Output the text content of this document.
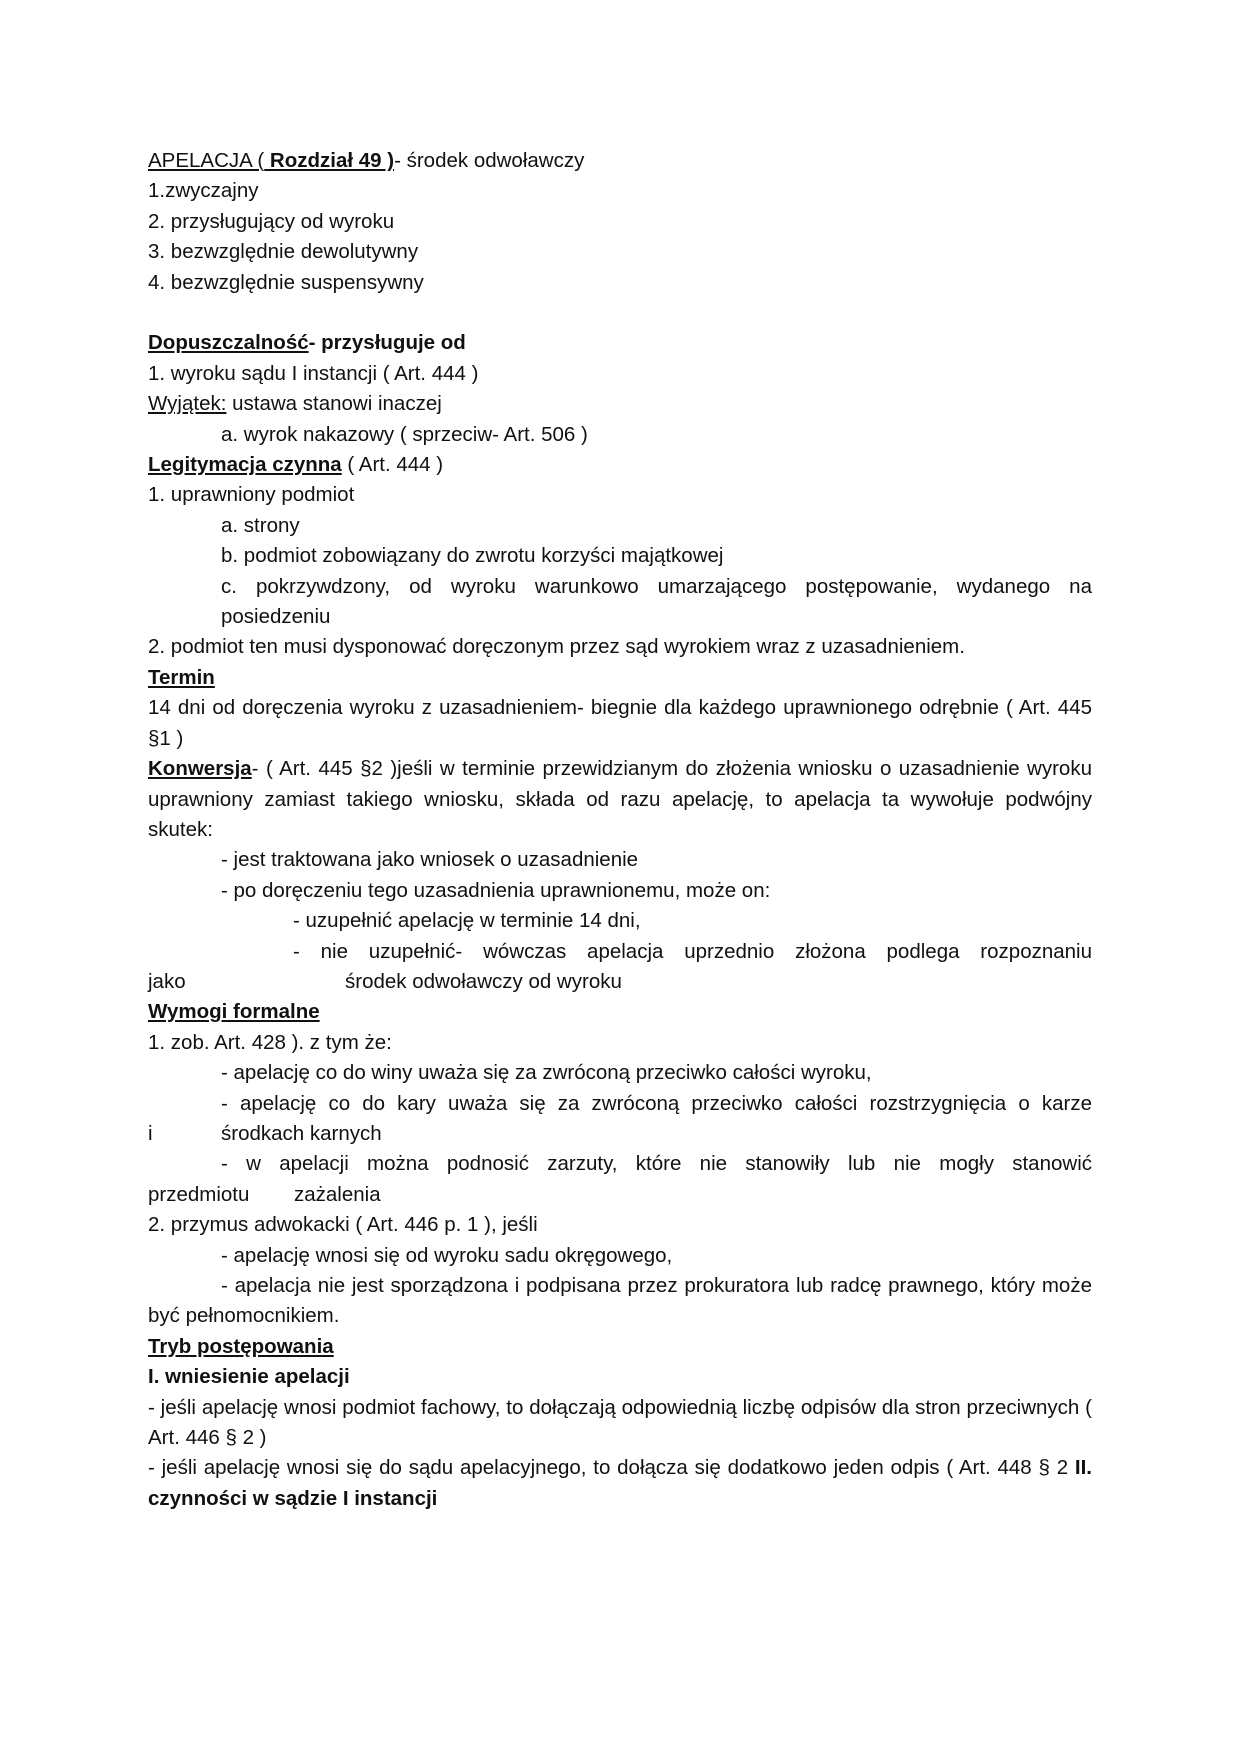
APELACJA ( Rozdział 49 )- środek odwoławczy
1.zwyczajny
2. przysługujący od wyroku
3. bezwzględnie dewolutywny
4. bezwzględnie suspensywny
Dopuszczalność- przysługuje od
1. wyroku sądu I instancji ( Art. 444 )
Wyjątek: ustawa stanowi inaczej
a. wyrok nakazowy ( sprzeciw- Art. 506 )
Legitymacja czynna ( Art. 444 )
1. uprawniony podmiot
a. strony
b. podmiot zobowiązany do zwrotu korzyści majątkowej
c. pokrzywdzony, od wyroku warunkowo umarzającego postępowanie, wydanego na posiedzeniu
2. podmiot ten musi dysponować doręczonym przez sąd wyrokiem wraz z uzasadnieniem.
Termin
14 dni od doręczenia wyroku z uzasadnieniem- biegnie dla każdego uprawnionego odrębnie ( Art. 445 §1 )
Konwersja- ( Art. 445 §2 )jeśli w terminie przewidzianym do złożenia wniosku o uzasadnienie wyroku uprawniony zamiast takiego wniosku, składa od razu apelację, to apelacja ta wywołuje podwójny skutek:
- jest traktowana jako wniosek o uzasadnienie
- po doręczeniu tego uzasadnienia uprawnionemu, może on:
- uzupełnić apelację w terminie 14 dni,
- nie uzupełnić- wówczas apelacja uprzednio złożona podlega rozpoznaniu
jako	środek odwoławczy od wyroku
Wymogi formalne
1. zob. Art. 428 ). z tym że:
- apelację co do winy uważa się za zwróconą przeciwko całości wyroku,
- apelację co do kary uważa się za zwróconą przeciwko całości rozstrzygnięcia o karze
i	środkach karnych
- w apelacji można podnosić zarzuty, które nie stanowiły lub nie mogły stanowić
przedmiotu zażalenia
2. przymus adwokacki ( Art. 446 p. 1 ), jeśli
- apelację wnosi się od wyroku sadu okręgowego,
- apelacja nie jest sporządzona i podpisana przez prokuratora lub radcę prawnego, który może być pełnomocnikiem.
Tryb postępowania
I. wniesienie apelacji
- jeśli apelację wnosi podmiot fachowy, to dołączają odpowiednią liczbę odpisów dla stron przeciwnych ( Art. 446 § 2 )
- jeśli apelację wnosi się do sądu apelacyjnego, to dołącza się dodatkowo jeden odpis ( Art. 448 § 2 II. czynności w sądzie I instancji
